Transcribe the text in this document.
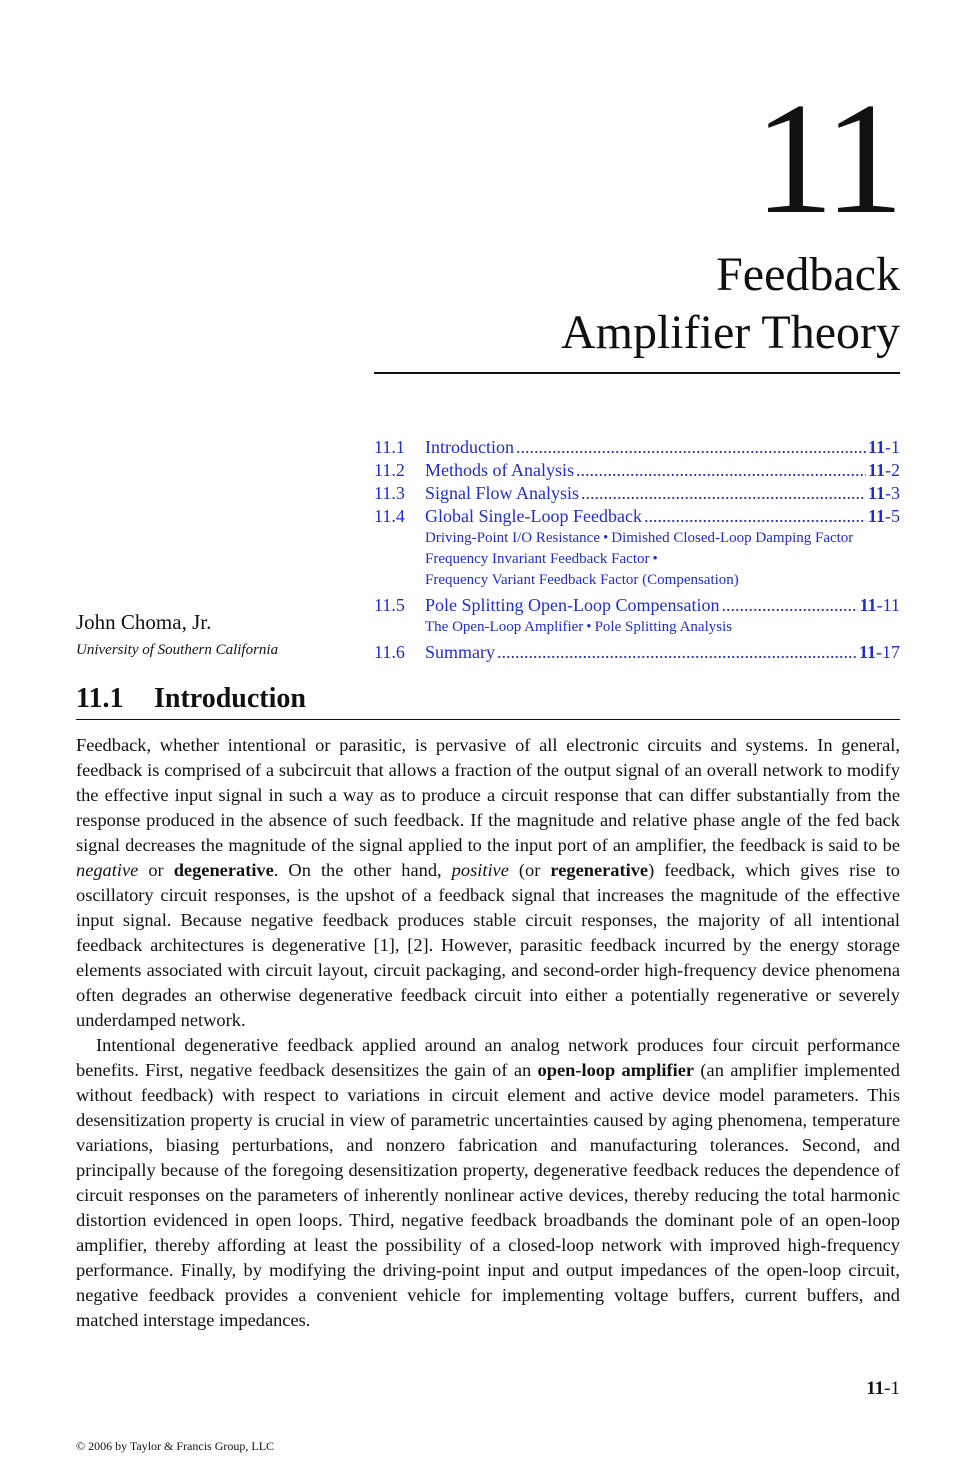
11
Feedback
Amplifier Theory
11.1	Introduction .....	11-1
11.2	Methods of Analysis .....	11-2
11.3	Signal Flow Analysis .....	11-3
11.4	Global Single-Loop Feedback .....	11-5
Driving-Point I/O Resistance • Dimished Closed-Loop Damping Factor
Frequency Invariant Feedback Factor •
Frequency Variant Feedback Factor (Compensation)
11.5	Pole Splitting Open-Loop Compensation .....	11-11
The Open-Loop Amplifier • Pole Splitting Analysis
11.6	Summary .....	11-17
John Choma, Jr.
University of Southern California
11.1 Introduction

Feedback, whether intentional or parasitic, is pervasive of all electronic circuits and systems. In general, feedback is comprised of a subcircuit that allows a fraction of the output signal of an overall network to modify the effective input signal in such a way as to produce a circuit response that can differ substantially from the response produced in the absence of such feedback. If the magnitude and relative phase angle of the fed back signal decreases the magnitude of the signal applied to the input port of an amplifier, the feedback is said to be negative or degenerative. On the other hand, positive (or regenerative) feedback, which gives rise to oscillatory circuit responses, is the upshot of a feedback signal that increases the magnitude of the effective input signal. Because negative feedback produces stable circuit responses, the majority of all intentional feedback architectures is degenerative [1], [2]. However, parasitic feedback incurred by the energy storage elements associated with circuit layout, circuit packaging, and second-order high-frequency device phenomena often degrades an otherwise degenerative feedback circuit into either a potentially regenerative or severely underdamped network.

Intentional degenerative feedback applied around an analog network produces four circuit performance benefits. First, negative feedback desensitizes the gain of an open-loop amplifier (an amplifier implemented without feedback) with respect to variations in circuit element and active device model parameters. This desensitization property is crucial in view of parametric uncertainties caused by aging phenomena, temperature variations, biasing perturbations, and nonzero fabrication and manufacturing tolerances. Second, and principally because of the foregoing desensitization property, degenerative feedback reduces the dependence of circuit responses on the parameters of inherently nonlinear active devices, thereby reducing the total harmonic distortion evidenced in open loops. Third, negative feedback broadbands the dominant pole of an open-loop amplifier, thereby affording at least the possibility of a closed-loop network with improved high-frequency performance. Finally, by modifying the driving-point input and output impedances of the open-loop circuit, negative feedback provides a convenient vehicle for implementing voltage buffers, current buffers, and matched interstage impedances.

11-1
© 2006 by Taylor & Francis Group, LLC
